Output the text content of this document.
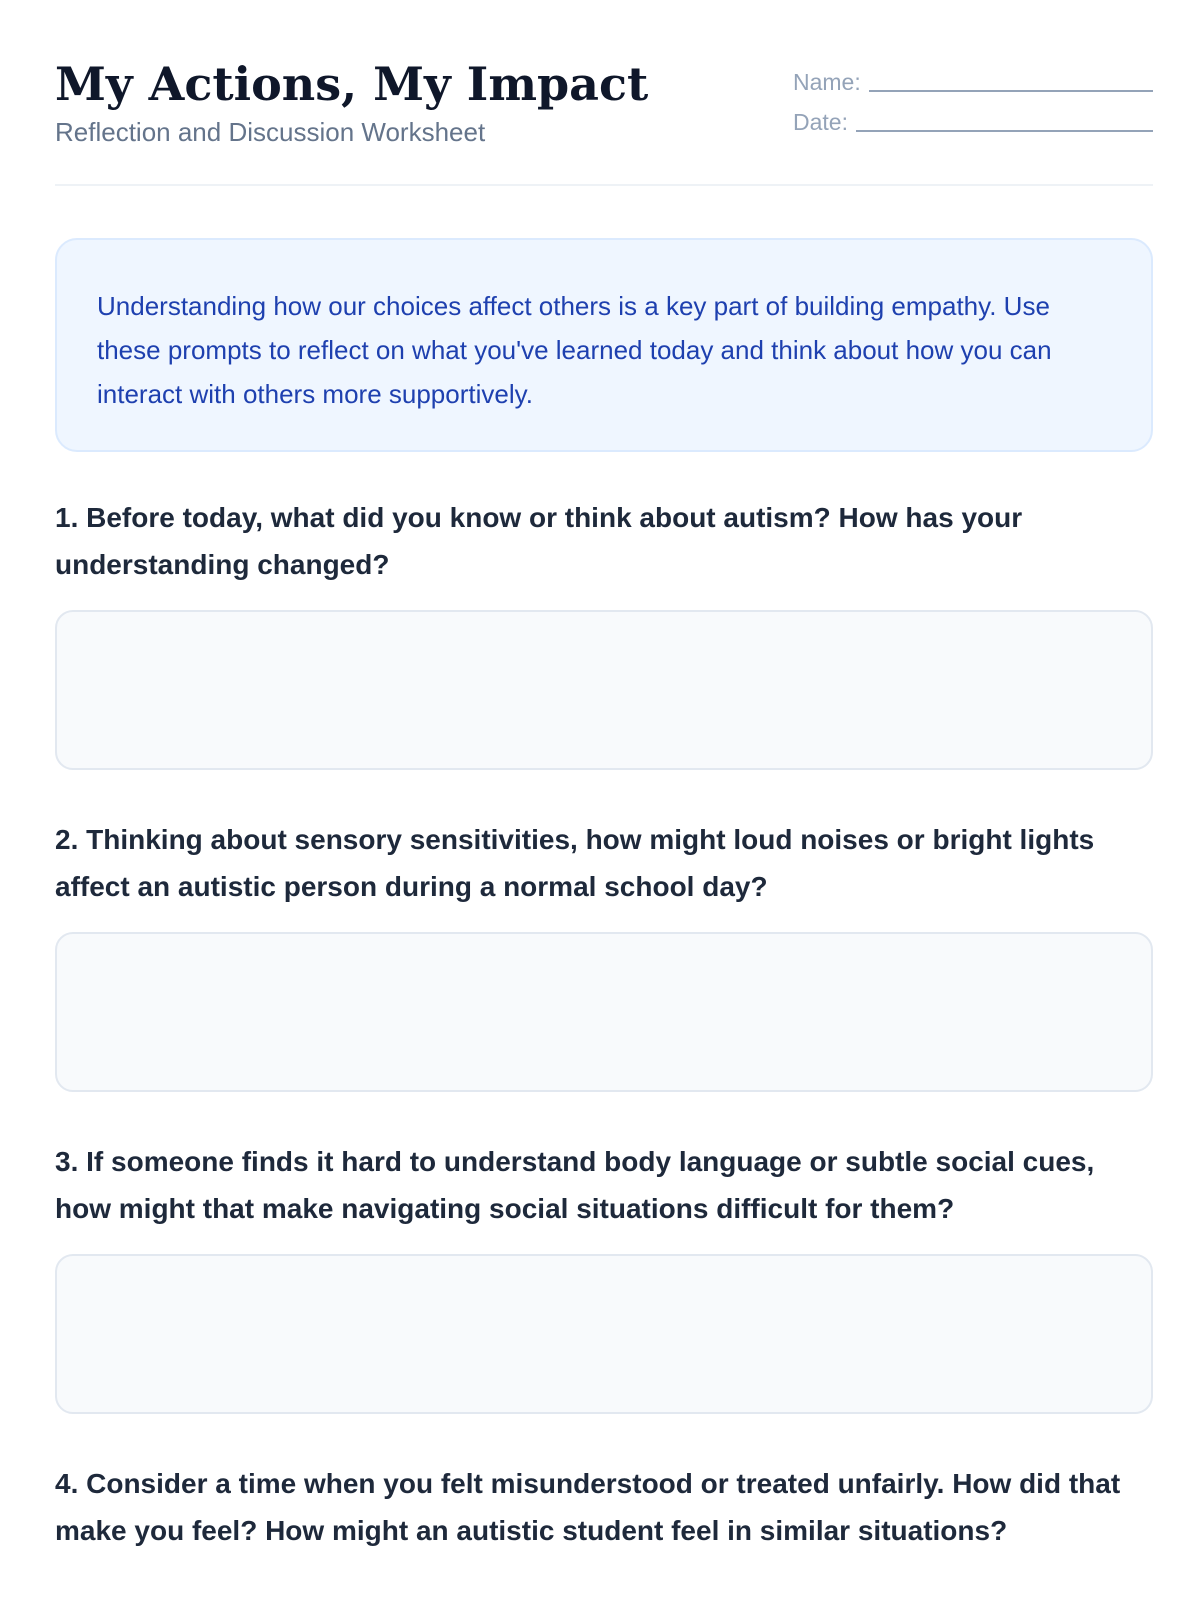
My Actions, My Impact
Reflection and Discussion Worksheet
Name:
Date:
Understanding how our choices affect others is a key part of building empathy. Use these prompts to reflect on what you've learned today and think about how you can interact with others more supportively.

1. Before today, what did you know or think about autism? How has your understanding changed?

2. Thinking about sensory sensitivities, how might loud noises or bright lights affect an autistic person during a normal school day?

3. If someone finds it hard to understand body language or subtle social cues, how might that make navigating social situations difficult for them?

4. Consider a time when you felt misunderstood or treated unfairly. How did that make you feel? How might an autistic student feel in similar situations?
